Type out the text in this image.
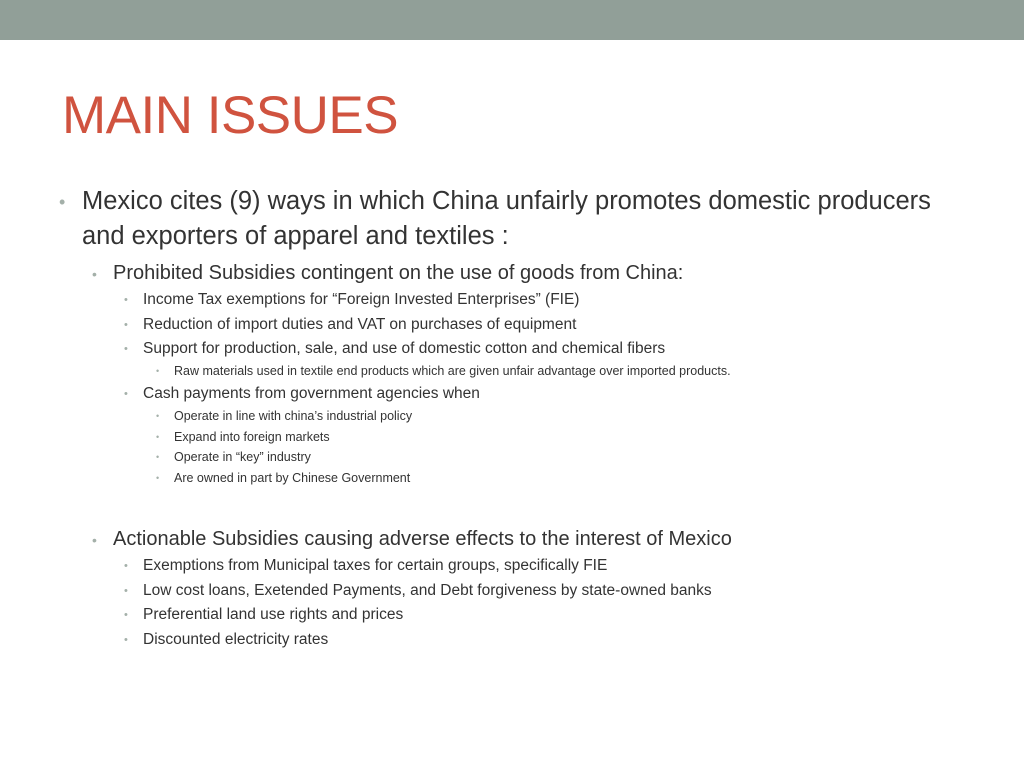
MAIN ISSUES
• Mexico cites (9) ways in which China unfairly promotes domestic producers and exporters of apparel and textiles :
• Prohibited Subsidies contingent on the use of goods from China:
• Income Tax exemptions for “Foreign Invested Enterprises” (FIE)
• Reduction of import duties and VAT on purchases of equipment
• Support for production, sale, and use of domestic cotton and chemical fibers
• Raw materials used in textile end products which are given unfair advantage over imported products.
• Cash payments from government agencies when
• Operate in line with china’s industrial policy
• Expand into foreign markets
• Operate in “key” industry
• Are owned in part by Chinese Government
• Actionable Subsidies causing adverse effects to the interest of Mexico
• Exemptions from Municipal taxes for certain groups, specifically FIE
• Low cost loans, Exetended Payments, and Debt forgiveness by state-owned banks
• Preferential land use rights and prices
• Discounted electricity rates
